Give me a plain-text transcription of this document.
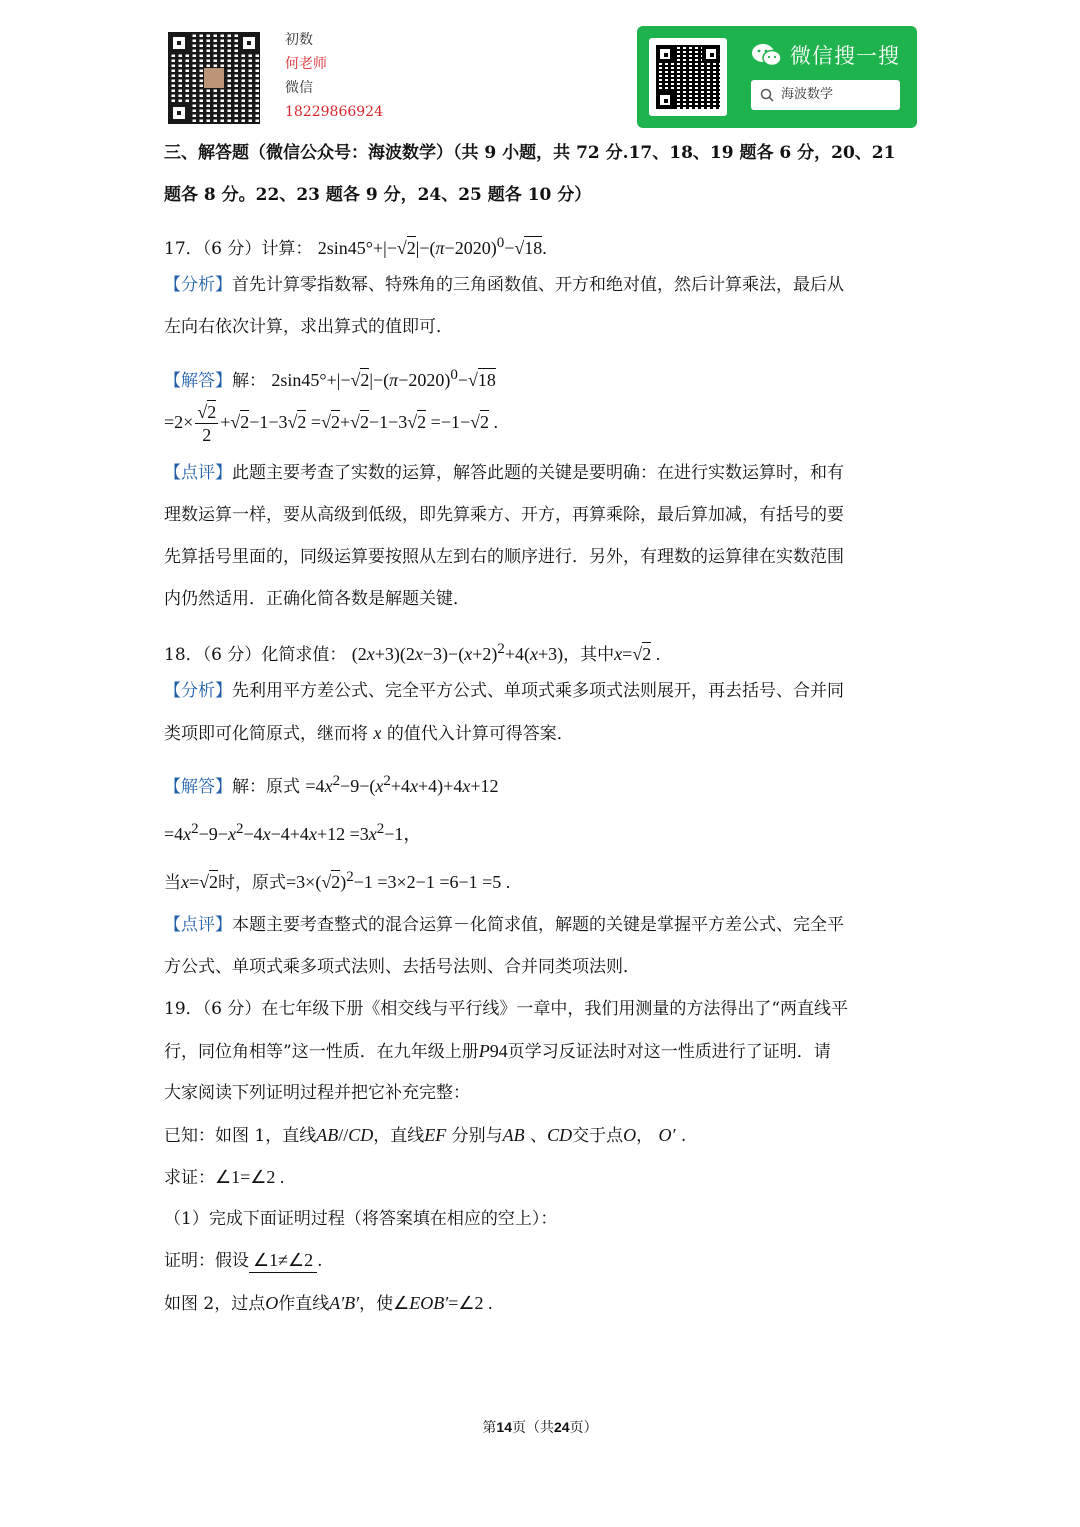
初数
何老师
微信
18229866924
微信搜一搜
海波数学
三、解答题（微信公众号：海波数学）（共 9 小题，共 72 分.17、18、19 题各 6 分，20、21
题各 8 分。22、23 题各 9 分，24、25 题各 10 分）
17．（6 分）计算： $2\sin 45^\circ+|-√2|-(\pi-2020)^0-√18$.
【分析】首先计算零指数幂、特殊角的三角函数值、开方和绝对值，然后计算乘法，最后从
左向右依次计算，求出算式的值即可．
【解答】解： $2\sin 45^\circ+|-√2|-(\pi-2020)^0-√18$
$=2\times \frac{√2}{2} +√2-1-3√2 =√2+√2-1-3√2 =-1-√2$ .
【点评】此题主要考查了实数的运算，解答此题的关键是要明确：在进行实数运算时，和有
理数运算一样，要从高级到低级，即先算乘方、开方，再算乘除，最后算加减，有括号的要
先算括号里面的，同级运算要按照从左到右的顺序进行．另外，有理数的运算律在实数范围
内仍然适用．正确化简各数是解题关键．
18．（6 分）化简求值： $(2x+3)(2x-3)-(x+2)^2+4(x+3)$，其中x=√2 .
【分析】先利用平方差公式、完全平方公式、单项式乘多项式法则展开，再去括号、合并同
类项即可化简原式，继而将 x 的值代入计算可得答案．
【解答】解：原式 $=4x^2-9-(x^2+4x+4)+4x+12$
$=4x^2-9-x^2-4x-4+4x+12 =3x^2-1$，
当x=√2时，原式$=3\times(√2)^2-1 =3\times 2-1 =6-1 =5$ .
【点评】本题主要考查整式的混合运算－化简求值，解题的关键是掌握平方差公式、完全平
方公式、单项式乘多项式法则、去括号法则、合并同类项法则．
19．（6 分）在七年级下册《相交线与平行线》一章中，我们用测量的方法得出了“两直线平
行，同位角相等”这一性质．在九年级上册P94页学习反证法时对这一性质进行了证明．请
大家阅读下列证明过程并把它补充完整：
已知：如图 1，直线AB//CD，直线EF 分别与AB 、CD交于点O， O′ .
求证：∠1=∠2 .
（1）完成下面证明过程（将答案填在相应的空上）：
证明：假设 ∠1≠∠2 .
如图 2，过点O作直线A′B′，使∠EOB′=∠2 .
第14页（共24页）
